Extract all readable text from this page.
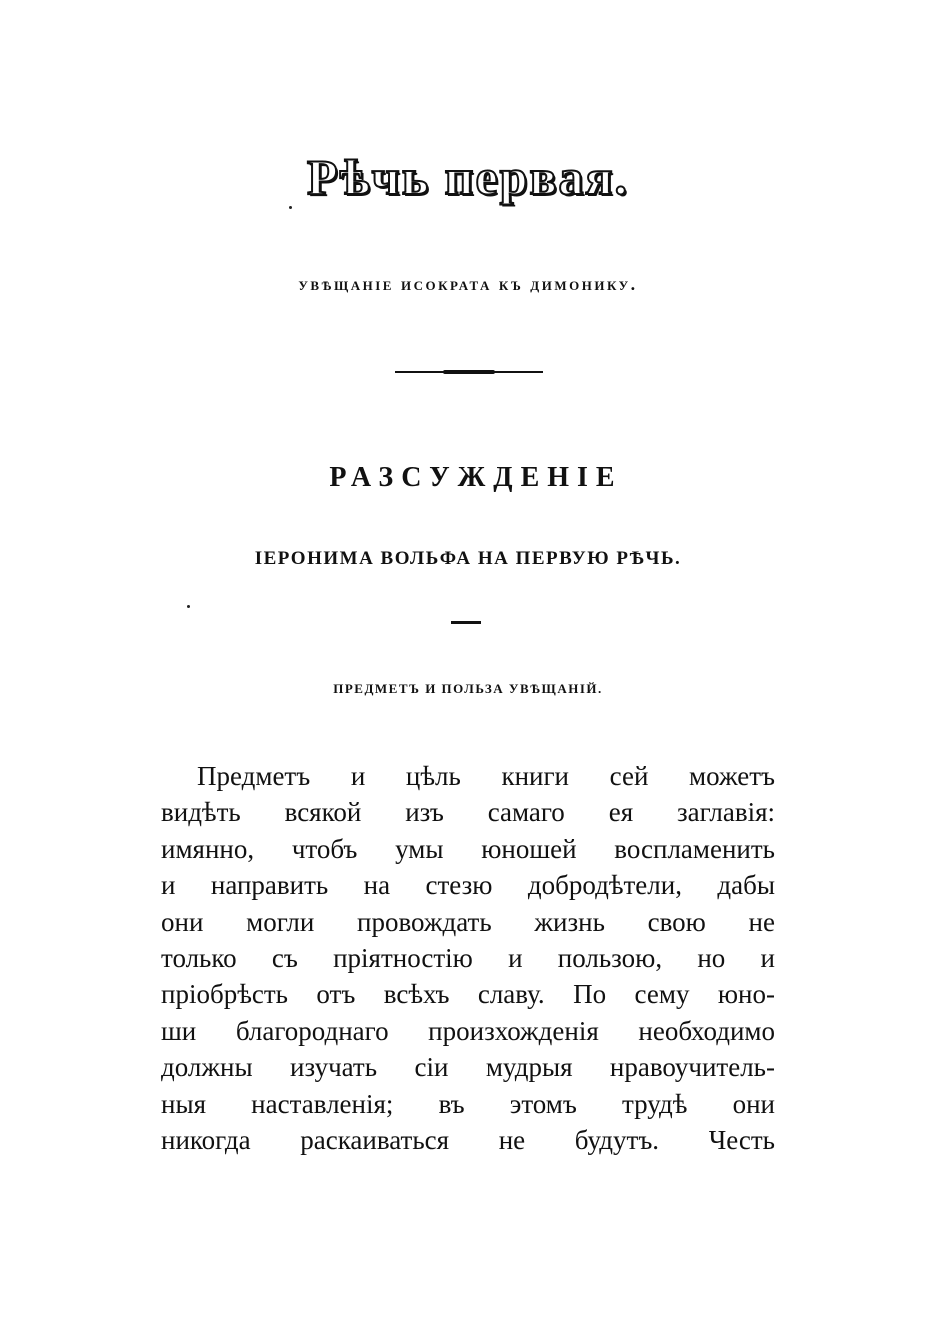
Рѣчь первая.
увѣщаніе исократа къ димонику.
РАЗСУЖДЕНІЕ
ІЕРОНИМА ВОЛЬФА НА ПЕРВУЮ РѢЧЬ.
ПРЕДМЕТЪ И ПОЛЬЗА УВѢЩАНІЙ.
Предметъ и цѣль книги сей можетъ
видѣть всякой изъ самаго ея заглавія:
имянно, чтобъ умы юношей воспламенить
и направить на стезю добродѣтели, дабы
они могли провождать жизнь свою не
только съ пріятностію и пользою, но и
пріобрѣсть отъ всѣхъ славу. По сему юно-
ши благороднаго произхожденія необходимо
должны изучать сіи мудрыя нравоучитель-
ныя наставленія; въ этомъ трудѣ они
никогда раскаиваться не будутъ. Честь
